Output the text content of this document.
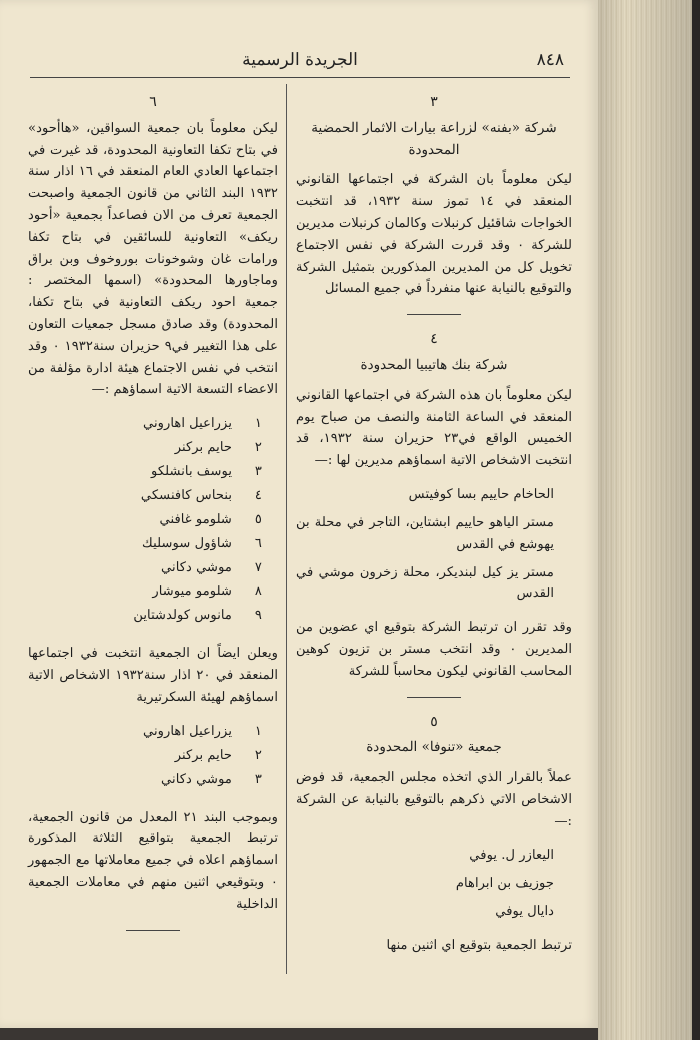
٨٤٨
الجريدة الرسمية
٣
شركة «بفنه» لزراعة بيارات الاثمار الحمضية المحدودة

ليكن معلوماً بان الشركة في اجتماعها القانوني المنعقد في ١٤ تموز سنة ١٩٣٢، قد انتخبت الخواجات شاقئيل كرنبلات وكالمان كرنبلات مديرين للشركة ٠ وقد قررت الشركة في نفس الاجتماع تخويل كل من المديرين المذكورين بتمثيل الشركة والتوقيع بالنيابة عنها منفرداً في جميع المسائل

٤
شركة بنك هاتيبيا المحدودة

ليكن معلوماً بان هذه الشركة في اجتماعها القانوني المنعقد في الساعة الثامنة والنصف من صباح يوم الخميس الواقع في٢٣ حزيران سنة ١٩٣٢، قد انتخبت الاشخاص الاتية اسماؤهم مديرين لها :—

الحاخام حاييم بسا كوفيتس
مستر الياهو حاييم ابشتاين، التاجر في محلة بن يهوشع في القدس
مستر يز كيل لبنديكر، محلة زخرون موشي في القدس

وقد تقرر ان ترتبط الشركة بتوقيع اي عضوين من المديرين ٠ وقد انتخب مستر بن تزيون كوهين المحاسب القانوني ليكون محاسباً للشركة

٥
جمعية «تنوفا» المحدودة

عملاً بالقرار الذي اتخذه مجلس الجمعية، قد فوض الاشخاص الاتي ذكرهم بالتوقيع بالنيابة عن الشركة :—

اليعازر ل. يوفي
جوزيف بن ابراهام
دايال يوفي

ترتبط الجمعية بتوقيع اي اثنين منها

٦

ليكن معلوماً بان جمعية السواقين، «هاأحود» في بتاح تكفا التعاونية المحدودة، قد غيرت في اجتماعها العادي العام المنعقد في ١٦ اذار سنة ١٩٣٢ البند الثاني من قانون الجمعية واصبحت الجمعية تعرف من الان فصاعداً بجمعية «أحود ريكف» التعاونية للسائقين في بتاح تكفا ورامات غان وشوخونات بوروخوف وبن براق وماجاورها المحدودة» (اسمها المختصر : جمعية احود ريكف التعاونية في بتاح تكفا، المحدودة) وقد صادق مسجل جمعيات التعاون على هذا التغيير في٩ حزيران سنة١٩٣٢ ٠ وقد انتخب في نفس الاجتماع هيئة ادارة مؤلفة من الاعضاء التسعة الاتية اسماؤهم :—

١
يزراعيل اهاروني
٢
حايم بركنر
٣
يوسف بانشلكو
٤
بنحاس كافنسكي
٥
شلومو غافني
٦
شاؤول سوسليك
٧
موشي دكاني
٨
شلومو ميوشار
٩
مانوس كولدشتاين

ويعلن ايضاً ان الجمعية انتخبت في اجتماعها المنعقد في ٢٠ اذار سنة١٩٣٢ الاشخاص الاتية اسماؤهم لهيئة السكرتيرية

١
يزراعيل اهاروني
٢
حايم بركنر
٣
موشي دكاني

وبموجب البند ٢١ المعدل من قانون الجمعية، ترتبط الجمعية بتواقيع الثلاثة المذكورة اسماؤهم اعلاه في جميع معاملاتها مع الجمهور ٠ وبتوقيعي اثنين منهم في معاملات الجمعية الداخلية
